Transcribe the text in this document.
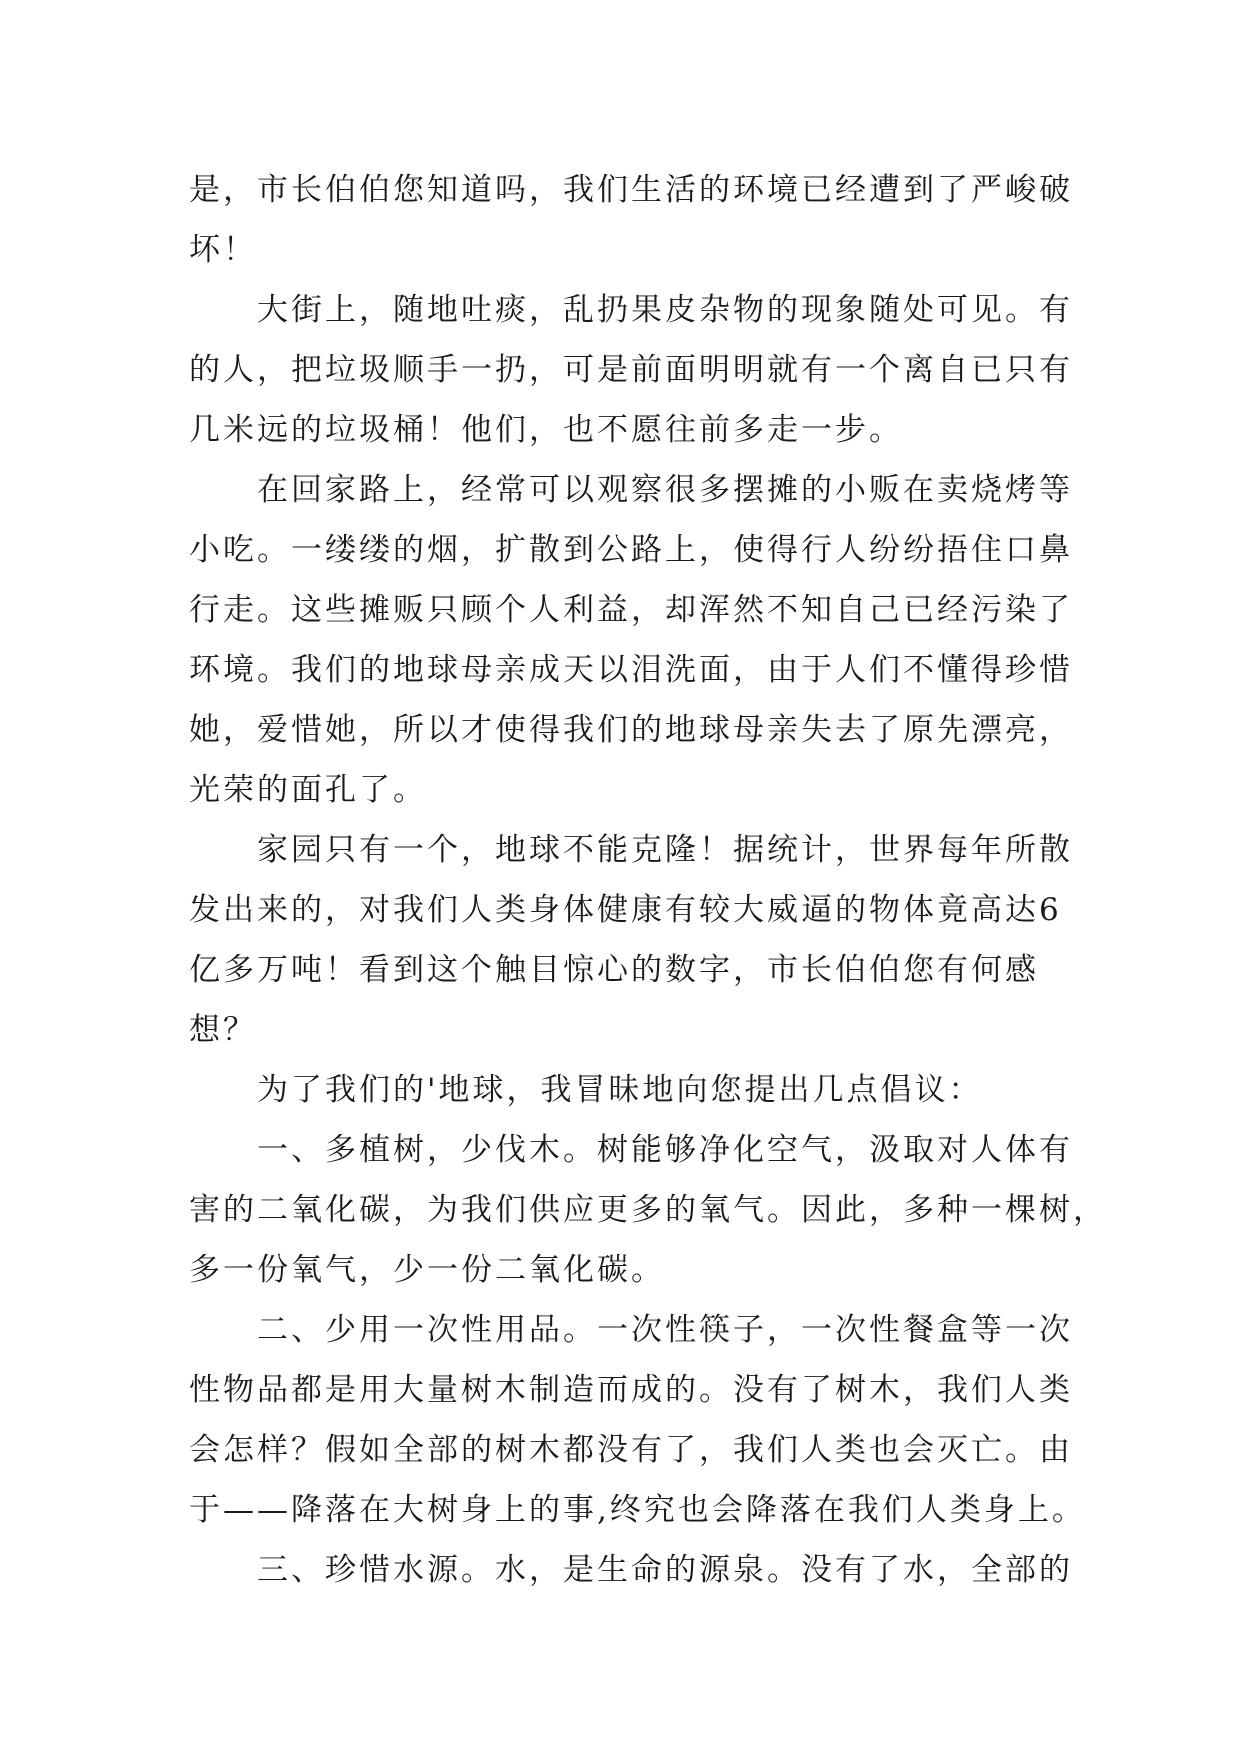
是，市长伯伯您知道吗，我们生活的环境已经遭到了严峻破
坏！
大街上，随地吐痰，乱扔果皮杂物的现象随处可见。有
的人，把垃圾顺手一扔，可是前面明明就有一个离自已只有
几米远的垃圾桶！他们，也不愿往前多走一步。
在回家路上，经常可以观察很多摆摊的小贩在卖烧烤等
小吃。一缕缕的烟，扩散到公路上，使得行人纷纷捂住口鼻
行走。这些摊贩只顾个人利益，却浑然不知自己已经污染了
环境。我们的地球母亲成天以泪洗面，由于人们不懂得珍惜
她，爱惜她，所以才使得我们的地球母亲失去了原先漂亮，
光荣的面孔了。
家园只有一个，地球不能克隆！据统计，世界每年所散
发出来的，对我们人类身体健康有较大威逼的物体竟高达6
亿多万吨！看到这个触目惊心的数字，市长伯伯您有何感
想？
为了我们的'地球，我冒昧地向您提出几点倡议：
一、多植树，少伐木。树能够净化空气，汲取对人体有
害的二氧化碳，为我们供应更多的氧气。因此，多种一棵树，
多一份氧气，少一份二氧化碳。
二、少用一次性用品。一次性筷子，一次性餐盒等一次
性物品都是用大量树木制造而成的。没有了树木，我们人类
会怎样？假如全部的树木都没有了，我们人类也会灭亡。由
于——降落在大树身上的事,终究也会降落在我们人类身上。
三、珍惜水源。水，是生命的源泉。没有了水，全部的
